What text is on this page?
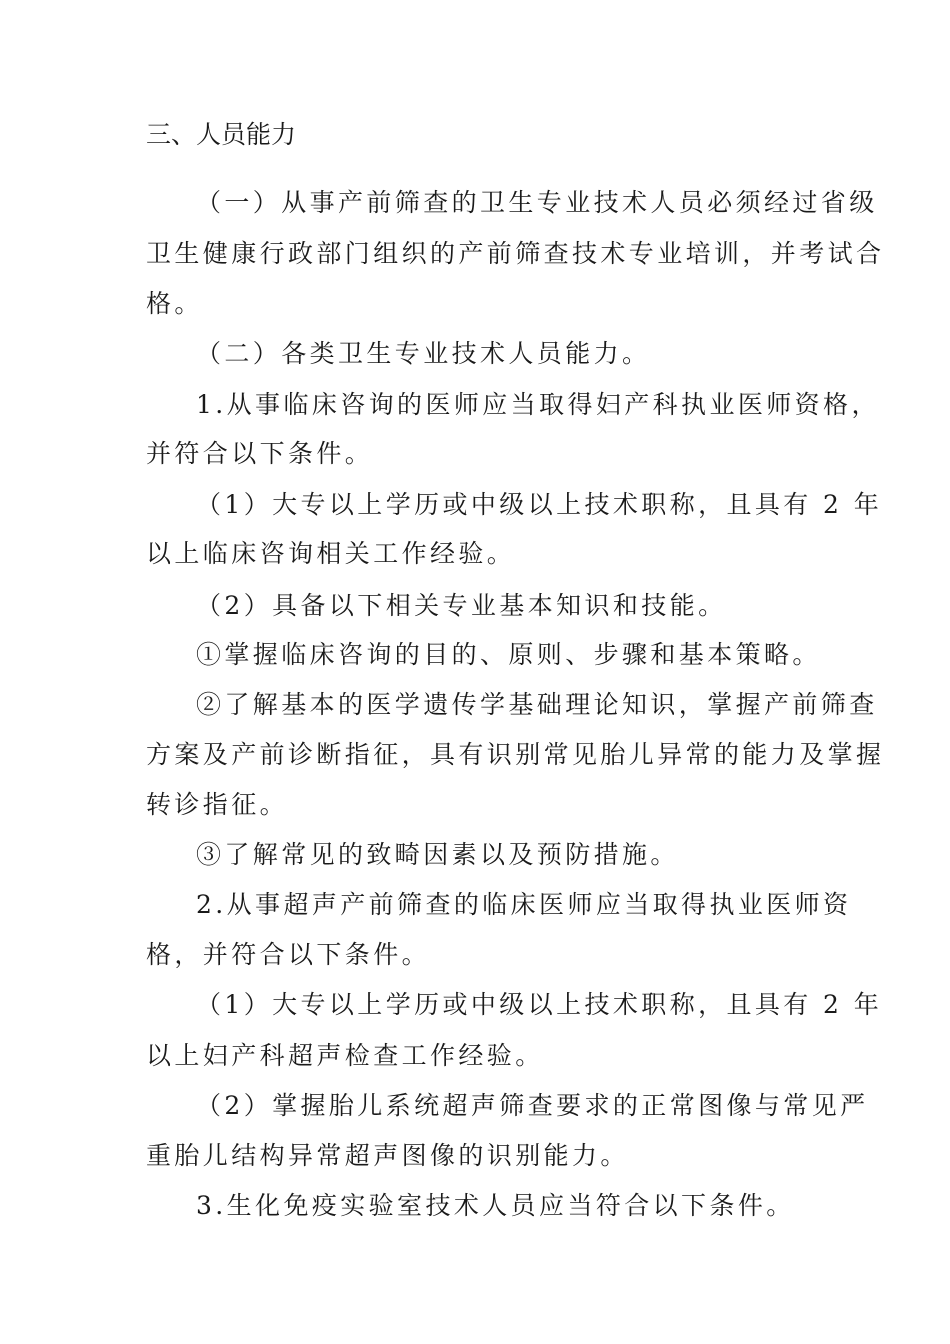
三、人员能力
（一）从事产前筛查的卫生专业技术人员必须经过省级
卫生健康行政部门组织的产前筛查技术专业培训，并考试合
格。
（二）各类卫生专业技术人员能力。
1.从事临床咨询的医师应当取得妇产科执业医师资格，
并符合以下条件。
（1）大专以上学历或中级以上技术职称，且具有 2 年
以上临床咨询相关工作经验。
（2）具备以下相关专业基本知识和技能。
①掌握临床咨询的目的、原则、步骤和基本策略。
②了解基本的医学遗传学基础理论知识，掌握产前筛查
方案及产前诊断指征，具有识别常见胎儿异常的能力及掌握
转诊指征。
③了解常见的致畸因素以及预防措施。
2.从事超声产前筛查的临床医师应当取得执业医师资
格，并符合以下条件。
（1）大专以上学历或中级以上技术职称，且具有 2 年
以上妇产科超声检查工作经验。
（2）掌握胎儿系统超声筛查要求的正常图像与常见严
重胎儿结构异常超声图像的识别能力。
3.生化免疫实验室技术人员应当符合以下条件。
